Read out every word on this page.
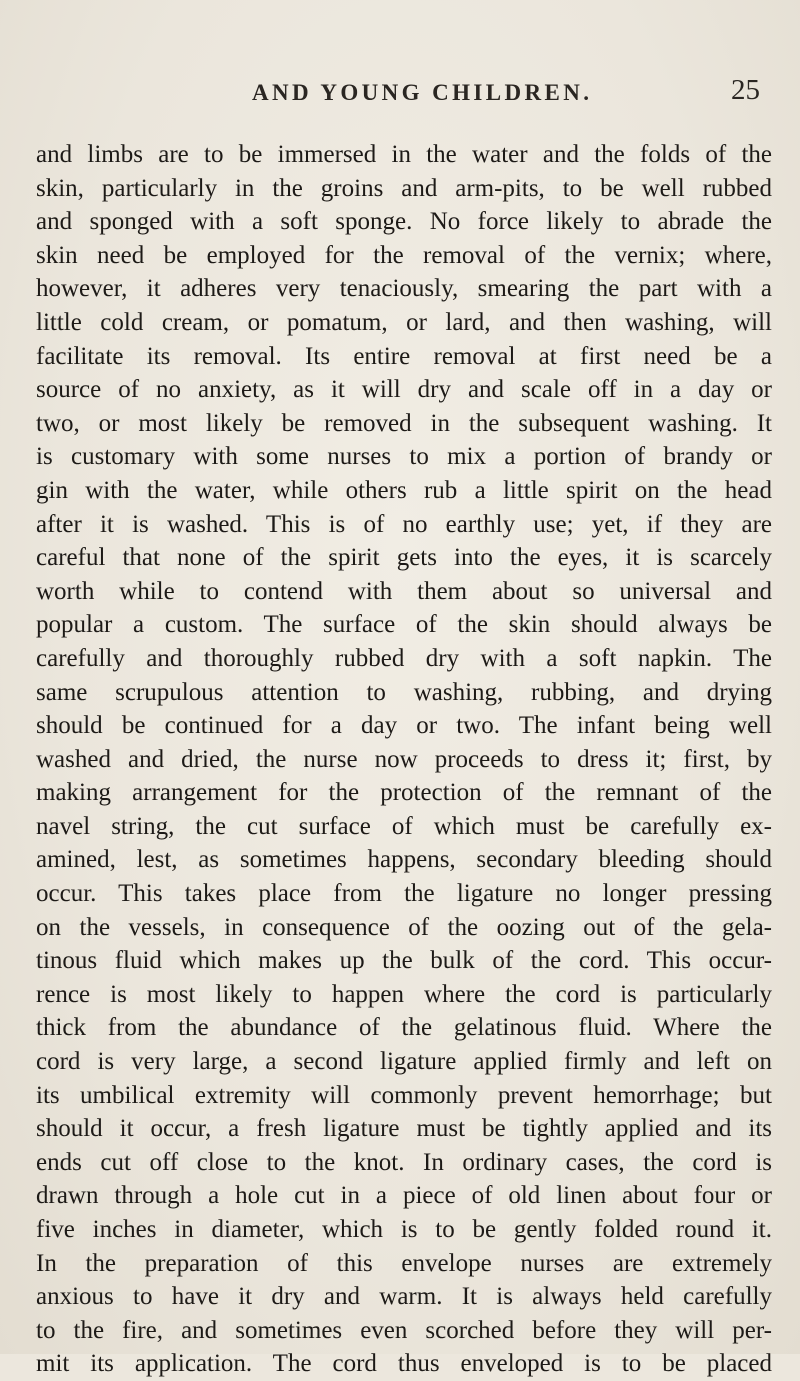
AND YOUNG CHILDREN.	25
and limbs are to be immersed in the water and the folds of the
skin, particularly in the groins and arm-pits, to be well rubbed
and sponged with a soft sponge. No force likely to abrade the
skin need be employed for the removal of the vernix; where,
however, it adheres very tenaciously, smearing the part with a
little cold cream, or pomatum, or lard, and then washing, will
facilitate its removal. Its entire removal at first need be a
source of no anxiety, as it will dry and scale off in a day or
two, or most likely be removed in the subsequent washing. It
is customary with some nurses to mix a portion of brandy or
gin with the water, while others rub a little spirit on the head
after it is washed. This is of no earthly use; yet, if they are
careful that none of the spirit gets into the eyes, it is scarcely
worth while to contend with them about so universal and
popular a custom. The surface of the skin should always be
carefully and thoroughly rubbed dry with a soft napkin. The
same scrupulous attention to washing, rubbing, and drying
should be continued for a day or two. The infant being well
washed and dried, the nurse now proceeds to dress it; first, by
making arrangement for the protection of the remnant of the
navel string, the cut surface of which must be carefully ex-
amined, lest, as sometimes happens, secondary bleeding should
occur. This takes place from the ligature no longer pressing
on the vessels, in consequence of the oozing out of the gela-
tinous fluid which makes up the bulk of the cord. This occur-
rence is most likely to happen where the cord is particularly
thick from the abundance of the gelatinous fluid. Where the
cord is very large, a second ligature applied firmly and left on
its umbilical extremity will commonly prevent hemorrhage; but
should it occur, a fresh ligature must be tightly applied and its
ends cut off close to the knot. In ordinary cases, the cord is
drawn through a hole cut in a piece of old linen about four or
five inches in diameter, which is to be gently folded round it.
In the preparation of this envelope nurses are extremely
anxious to have it dry and warm. It is always held carefully
to the fire, and sometimes even scorched before they will per-
mit its application. The cord thus enveloped is to be placed
